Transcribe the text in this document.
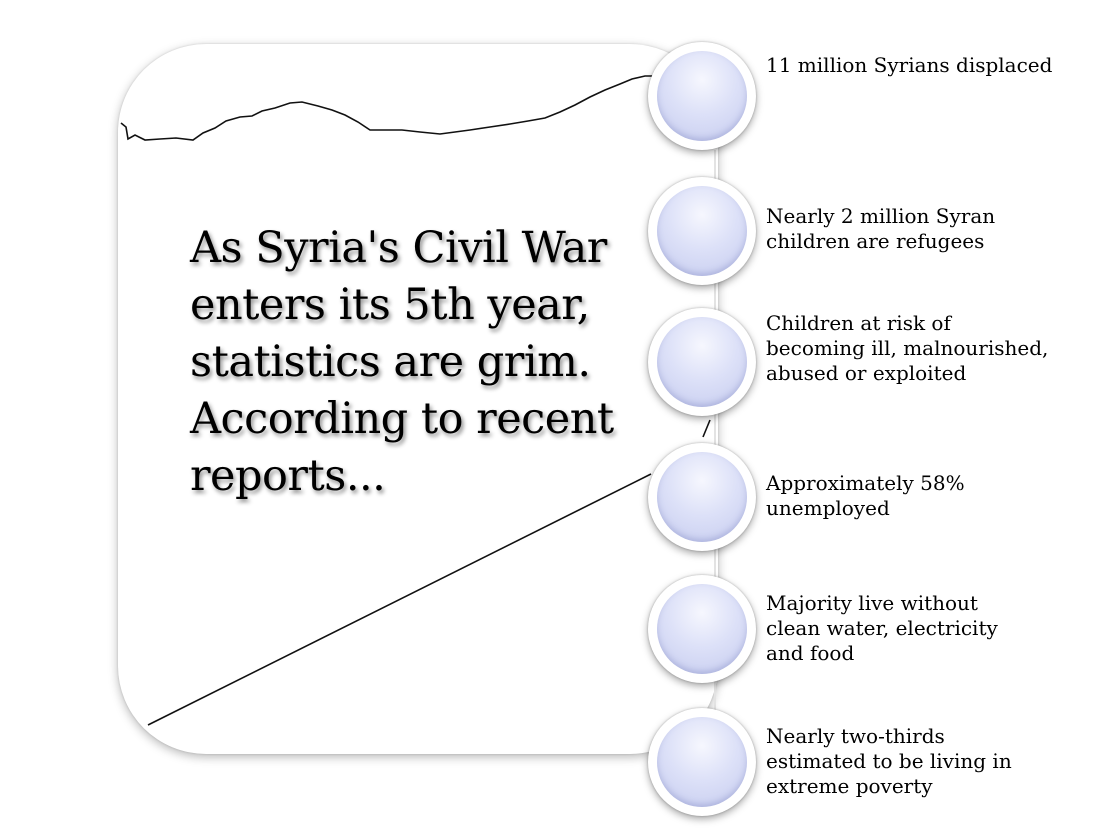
As Syria's Civil War enters its 5th year, statistics are grim. According to recent reports...
11 million Syrians displaced
Nearly 2 million Syran children are refugees
Children at risk of becoming ill, malnourished, abused or exploited
Approximately 58% unemployed
Majority live without clean water, electricity and food
Nearly two-thirds estimated to be living in extreme poverty
